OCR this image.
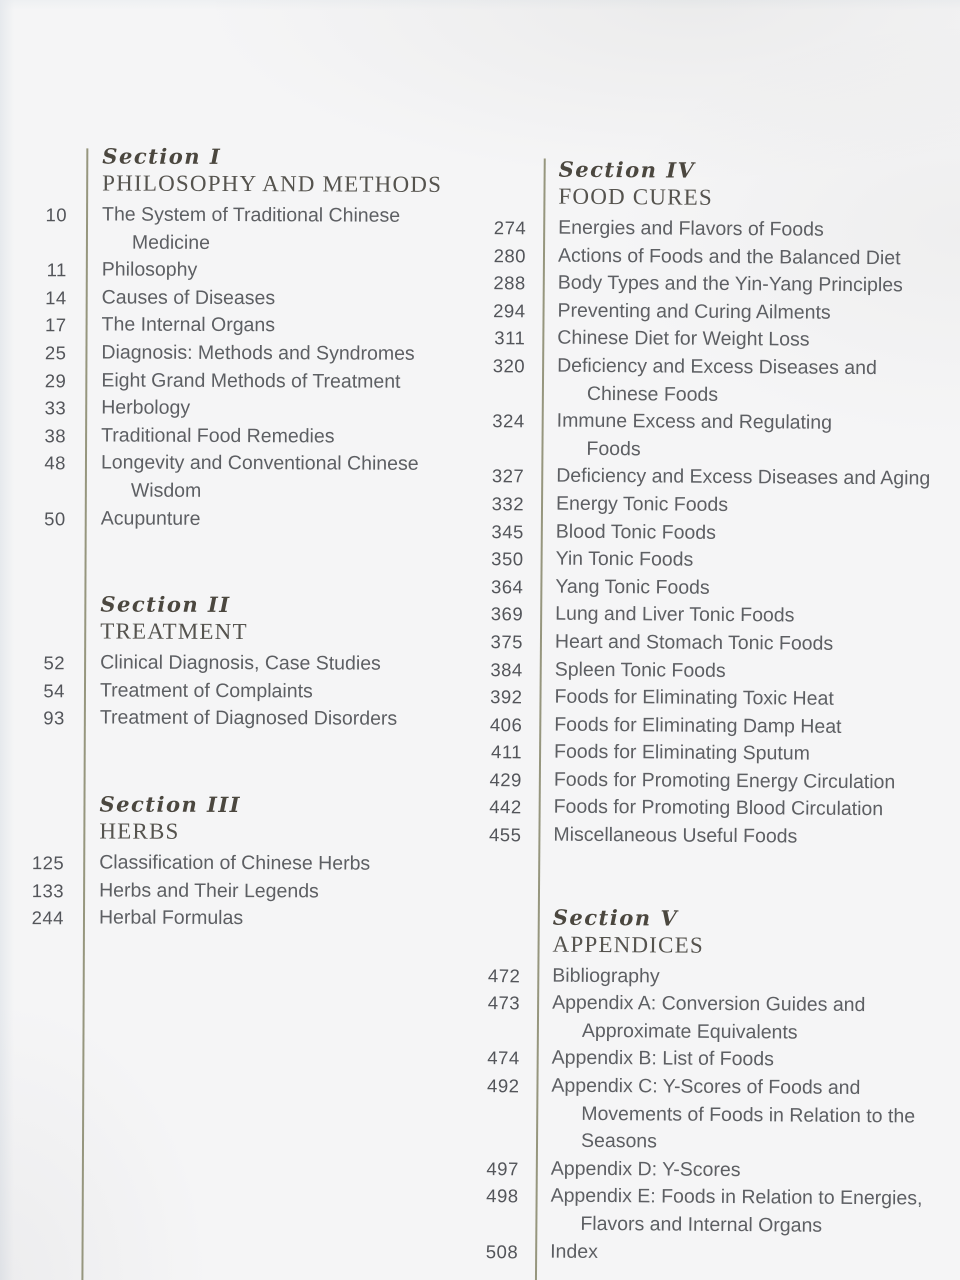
Section I
PHILOSOPHY AND METHODS
10 The System of Traditional Chinese
Medicine
11 Philosophy
14 Causes of Diseases
17 The Internal Organs
25 Diagnosis: Methods and Syndromes
29 Eight Grand Methods of Treatment
33 Herbology
38 Traditional Food Remedies
48 Longevity and Conventional Chinese
Wisdom
50 Acupunture
Section II
TREATMENT
52 Clinical Diagnosis, Case Studies
54 Treatment of Complaints
93 Treatment of Diagnosed Disorders
Section III
HERBS
125 Classification of Chinese Herbs
133 Herbs and Their Legends
244 Herbal Formulas
Section IV
FOOD CURES
274 Energies and Flavors of Foods
280 Actions of Foods and the Balanced Diet
288 Body Types and the Yin-Yang Principles
294 Preventing and Curing Ailments
311 Chinese Diet for Weight Loss
320 Deficiency and Excess Diseases and
Chinese Foods
324 Immune Excess and Regulating
Foods
327 Deficiency and Excess Diseases and Aging
332 Energy Tonic Foods
345 Blood Tonic Foods
350 Yin Tonic Foods
364 Yang Tonic Foods
369 Lung and Liver Tonic Foods
375 Heart and Stomach Tonic Foods
384 Spleen Tonic Foods
392 Foods for Eliminating Toxic Heat
406 Foods for Eliminating Damp Heat
411 Foods for Eliminating Sputum
429 Foods for Promoting Energy Circulation
442 Foods for Promoting Blood Circulation
455 Miscellaneous Useful Foods
Section V
APPENDICES
472 Bibliography
473 Appendix A: Conversion Guides and
Approximate Equivalents
474 Appendix B: List of Foods
492 Appendix C: Y-Scores of Foods and
Movements of Foods in Relation to the
Seasons
497 Appendix D: Y-Scores
498 Appendix E: Foods in Relation to Energies,
Flavors and Internal Organs
508 Index
